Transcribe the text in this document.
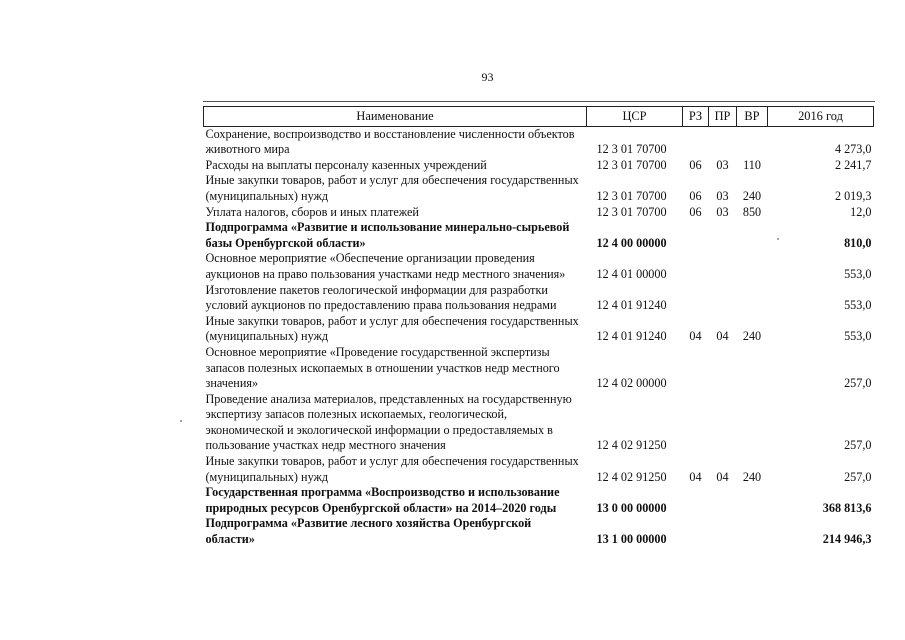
93
Наименование	ЦСР	РЗ	ПР	ВР	2016 год
Сохранение, воспроизводство и восстановление численности объектов животного мира	12 3 01 70700				4 273,0
Расходы на выплаты персоналу казенных учреждений	12 3 01 70700	06	03	110	2 241,7
Иные закупки товаров, работ и услуг для обеспечения государственных (муниципальных) нужд	12 3 01 70700	06	03	240	2 019,3
Уплата налогов, сборов и иных платежей	12 3 01 70700	06	03	850	12,0
Подпрограмма «Развитие и использование минерально-сырьевой базы Оренбургской области»	12 4 00 00000				810,0
Основное мероприятие «Обеспечение организации проведения аукционов на право пользования участками недр местного значения»	12 4 01 00000				553,0
Изготовление пакетов геологической информации для разработки условий аукционов по предоставлению права пользования недрами	12 4 01 91240				553,0
Иные закупки товаров, работ и услуг для обеспечения государственных (муниципальных) нужд	12 4 01 91240	04	04	240	553,0
Основное мероприятие «Проведение государственной экспертизы запасов полезных ископаемых в отношении участков недр местного значения»	12 4 02 00000				257,0
Проведение анализа материалов, представленных на государственную экспертизу запасов полезных ископаемых, геологической, экономической и экологической информации о предоставляемых в пользование участках недр местного значения	12 4 02 91250				257,0
Иные закупки товаров, работ и услуг для обеспечения государственных (муниципальных) нужд	12 4 02 91250	04	04	240	257,0
Государственная программа «Воспроизводство и использование природных ресурсов Оренбургской области» на 2014–2020 годы	13 0 00 00000				368 813,6
Подпрограмма «Развитие лесного хозяйства Оренбургской области»	13 1 00 00000				214 946,3
